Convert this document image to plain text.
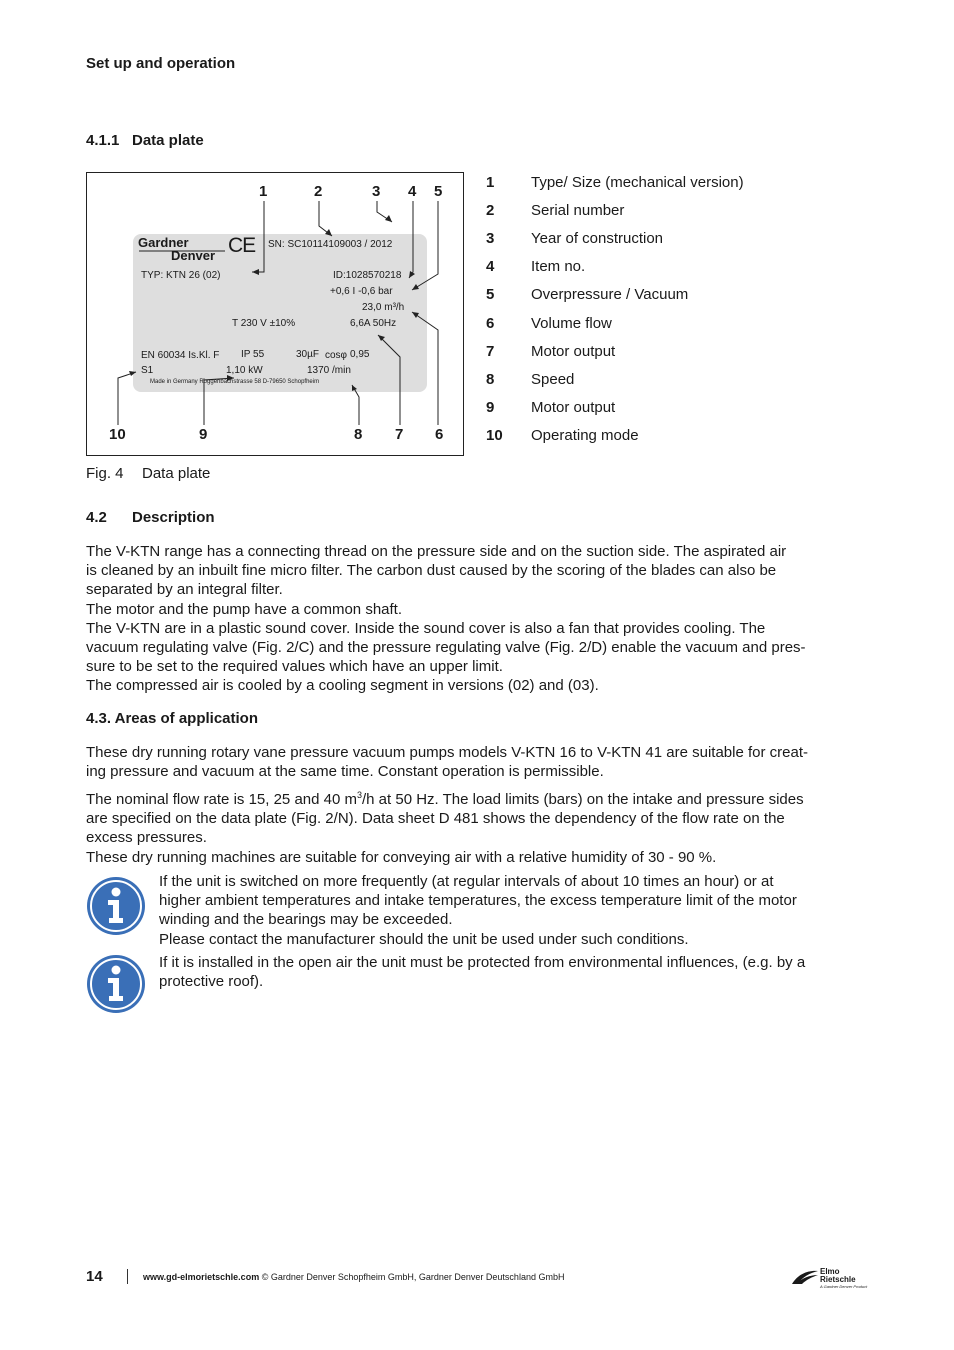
Set up and operation
4.1.1 Data plate
1	2	3 4 5
10	9	8 7 6
Gardner
Denver CE SN: SC10114109003 / 2012
TYP: KTN 26 (02)	ID:1028570218
+0,6 I -0,6 bar
23,0 m³/h
T 230 V ±10%	6,6A 50Hz
EN 60034 Is.Kl. F IP 55	30µF cosφ 0,95
S1	1,10 kW	1370 /min
Made in Germany Roggenbachstrasse 58 D-79650 Schopfheim
1	Type/ Size (mechanical version)
2	Serial number
3	Year of construction
4	Item no.
5	Overpressure / Vacuum
6	Volume flow
7	Motor output
8	Speed
9	Motor output
10	Operating mode
Fig. 4 Data plate
4.2 Description
The V-KTN range has a connecting thread on the pressure side and on the suction side. The aspirated air
is cleaned by an inbuilt fine micro filter. The carbon dust caused by the scoring of the blades can also be
separated by an integral filter.
The motor and the pump have a common shaft.
The V-KTN are in a plastic sound cover. Inside the sound cover is also a fan that provides cooling. The
vacuum regulating valve (Fig. 2/C) and the pressure regulating valve (Fig. 2/D) enable the vacuum and pres-
sure to be set to the required values which have an upper limit.
The compressed air is cooled by a cooling segment in versions (02) and (03).
4.3. Areas of application
These dry running rotary vane pressure vacuum pumps models V-KTN 16 to V-KTN 41 are suitable for creat-
ing pressure and vacuum at the same time. Constant operation is permissible.
The nominal flow rate is 15, 25 and 40 $m^3/h$ at 50 Hz. The load limits (bars) on the intake and pressure sides
are specified on the data plate (Fig. 2/N). Data sheet D 481 shows the dependency of the flow rate on the
excess pressures.
These dry running machines are suitable for conveying air with a relative humidity of 30 - 90 %.
If the unit is switched on more frequently (at regular intervals of about 10 times an hour) or at
higher ambient temperatures and intake temperatures, the excess temperature limit of the motor
winding and the bearings may be exceeded.
Please contact the manufacturer should the unit be used under such conditions.
If it is installed in the open air the unit must be protected from environmental influences, (e.g. by a
protective roof).
14	www.gd-elmorietschle.com © Gardner Denver Schopfheim GmbH, Gardner Denver Deutschland GmbH
Elmo
Rietschle
A Gardner Denver Product
